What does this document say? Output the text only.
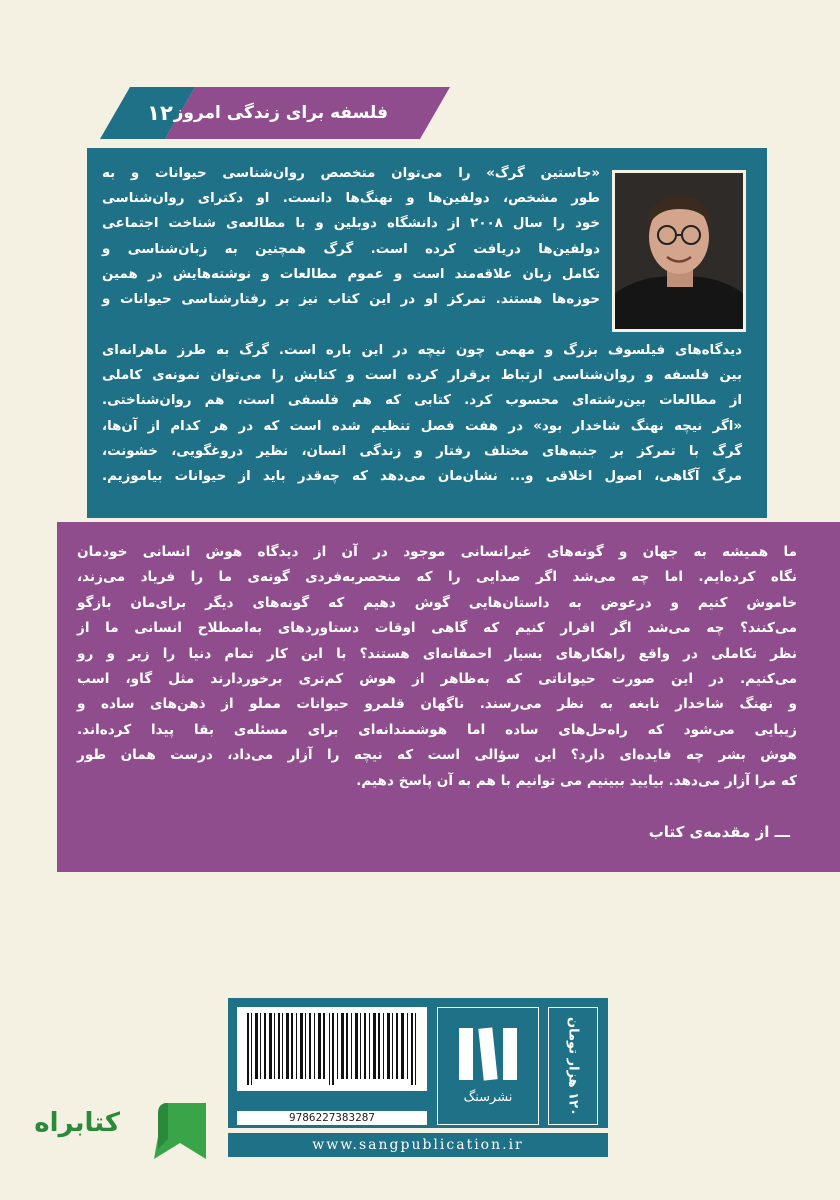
۱۲ فلسفه برای زندگی امروز
«جاستین گرگ» را می‌توان متخصص روان‌شناسی حیوانات و به
طور مشخص، دولفین‌ها و نهنگ‌ها دانست. او دکترای روان‌شناسی
خود را سال ۲۰۰۸ از دانشگاه دوبلین و با مطالعه‌ی شناخت اجتماعی
دولفین‌ها دریافت کرده است. گرگ همچنین به زبان‌شناسی و
تکامل زبان علاقه‌مند است و عموم مطالعات و نوشته‌هایش در همین
حوزه‌ها هستند. تمرکز او در این کتاب نیز بر رفتارشناسی حیوانات و
دیدگاه‌های فیلسوف بزرگ و مهمی چون نیچه در این باره است. گرگ به طرز ماهرانه‌ای
بین فلسفه و روان‌شناسی ارتباط برقرار کرده است و کتابش را می‌توان نمونه‌ی کاملی
از مطالعات بین‌رشته‌ای محسوب کرد. کتابی که هم فلسفی است، هم روان‌شناختی.
«اگر نیچه نهنگ شاخدار بود» در هفت فصل تنظیم شده است که در هر کدام از آن‌ها،
گرگ با تمرکز بر جنبه‌های مختلف رفتار و زندگی انسان، نظیر دروغگویی، خشونت،
مرگ آگاهی، اصول اخلاقی و... نشان‌مان می‌دهد که چه‌قدر باید از حیوانات بیاموزیم.
ما همیشه به جهان و گونه‌های غیرانسانی موجود در آن از دیدگاه هوش انسانی خودمان
نگاه کرده‌ایم. اما چه می‌شد اگر صدایی را که منحصربه‌فردی گونه‌ی ما را فریاد می‌زند،
خاموش کنیم و درعوض به داستان‌هایی گوش دهیم که گونه‌های دیگر برای‌مان بازگو
می‌کنند؟ چه می‌شد اگر اقرار کنیم که گاهی اوقات دستاوردهای به‌اصطلاح انسانی ما از
نظر تکاملی در واقع راهکارهای بسیار احمقانه‌ای هستند؟ با این کار تمام دنیا را زیر و رو
می‌کنیم. در این صورت حیواناتی که به‌ظاهر از هوش کم‌تری برخوردارند مثل گاو، اسب
و نهنگ شاخدار نابغه به نظر می‌رسند. ناگهان قلمرو حیوانات مملو از ذهن‌های ساده و
زیبایی می‌شود که راه‌حل‌های ساده اما هوشمندانه‌ای برای مسئله‌ی بقا پیدا کرده‌اند.
هوش بشر چه فایده‌ای دارد؟ این سؤالی است که نیچه را آزار می‌داد، درست همان طور
که مرا آزار می‌دهد. بیایید ببینیم می توانیم با هم به آن پاسخ دهیم.
ـــ از مقدمه‌ی کتاب
9786227383287
نشرسنگ
۱۲۰ هزار تومان
www.sangpublication.ir
کتابراه
